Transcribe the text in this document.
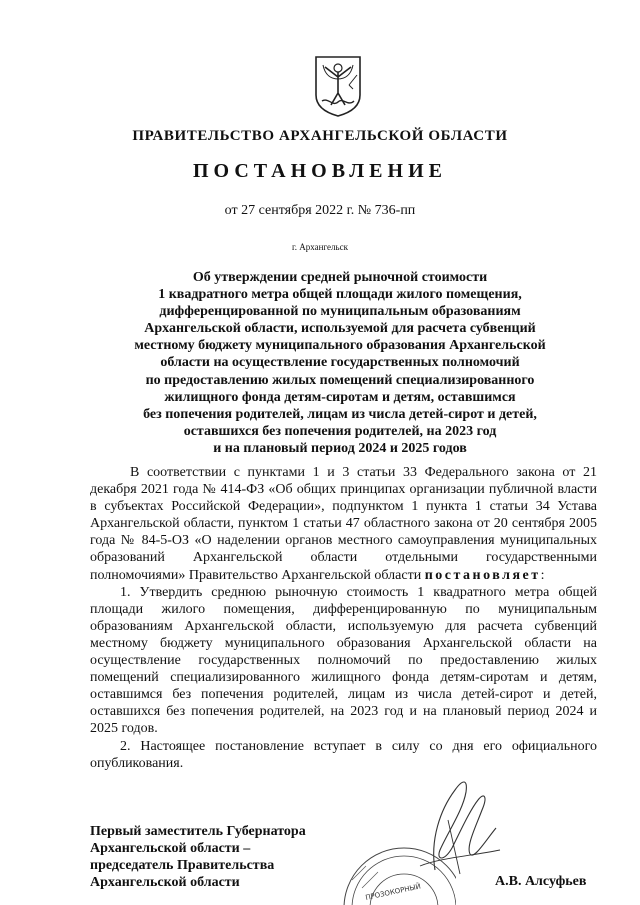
ПРАВИТЕЛЬСТВО АРХАНГЕЛЬСКОЙ ОБЛАСТИ
ПОСТАНОВЛЕНИЕ
от 27 сентября 2022 г. № 736-пп
г. Архангельск
Об утверждении средней рыночной стоимости
1 квадратного метра общей площади жилого помещения,
дифференцированной по муниципальным образованиям
Архангельской области, используемой для расчета субвенций
местному бюджету муниципального образования Архангельской
области на осуществление государственных полномочий
по предоставлению жилых помещений специализированного
жилищного фонда детям-сиротам и детям, оставшимся
без попечения родителей, лицам из числа детей-сирот и детей,
оставшихся без попечения родителей, на 2023 год
и на плановый период 2024 и 2025 годов

В соответствии с пунктами 1 и 3 статьи 33 Федерального закона от 21 декабря 2021 года № 414-ФЗ «Об общих принципах организации публичной власти в субъектах Российской Федерации», подпунктом 1 пункта 1 статьи 34 Устава Архангельской области, пунктом 1 статьи 47 областного закона от 20 сентября 2005 года № 84-5-ОЗ «О наделении органов местного самоуправления муниципальных образований Архангельской области отдельными государственными полномочиями» Правительство Архангельской области постановляет:

1. Утвердить среднюю рыночную стоимость 1 квадратного метра общей площади жилого помещения, дифференцированную по муниципальным образованиям Архангельской области, используемую для расчета субвенций местному бюджету муниципального образования Архангельской области на осуществление государственных полномочий по предоставлению жилых помещений специализированного жилищного фонда детям-сиротам и детям, оставшимся без попечения родителей, лицам из числа детей-сирот и детей, оставшихся без попечения родителей, на 2023 год и на плановый период 2024 и 2025 годов.

2. Настоящее постановление вступает в силу со дня его официального опубликования.

ПРОЗОКОРНЫЙ
Первый заместитель Губернатора
Архангельской области –
председатель Правительства
Архангельской области	А.В. Алсуфьев
